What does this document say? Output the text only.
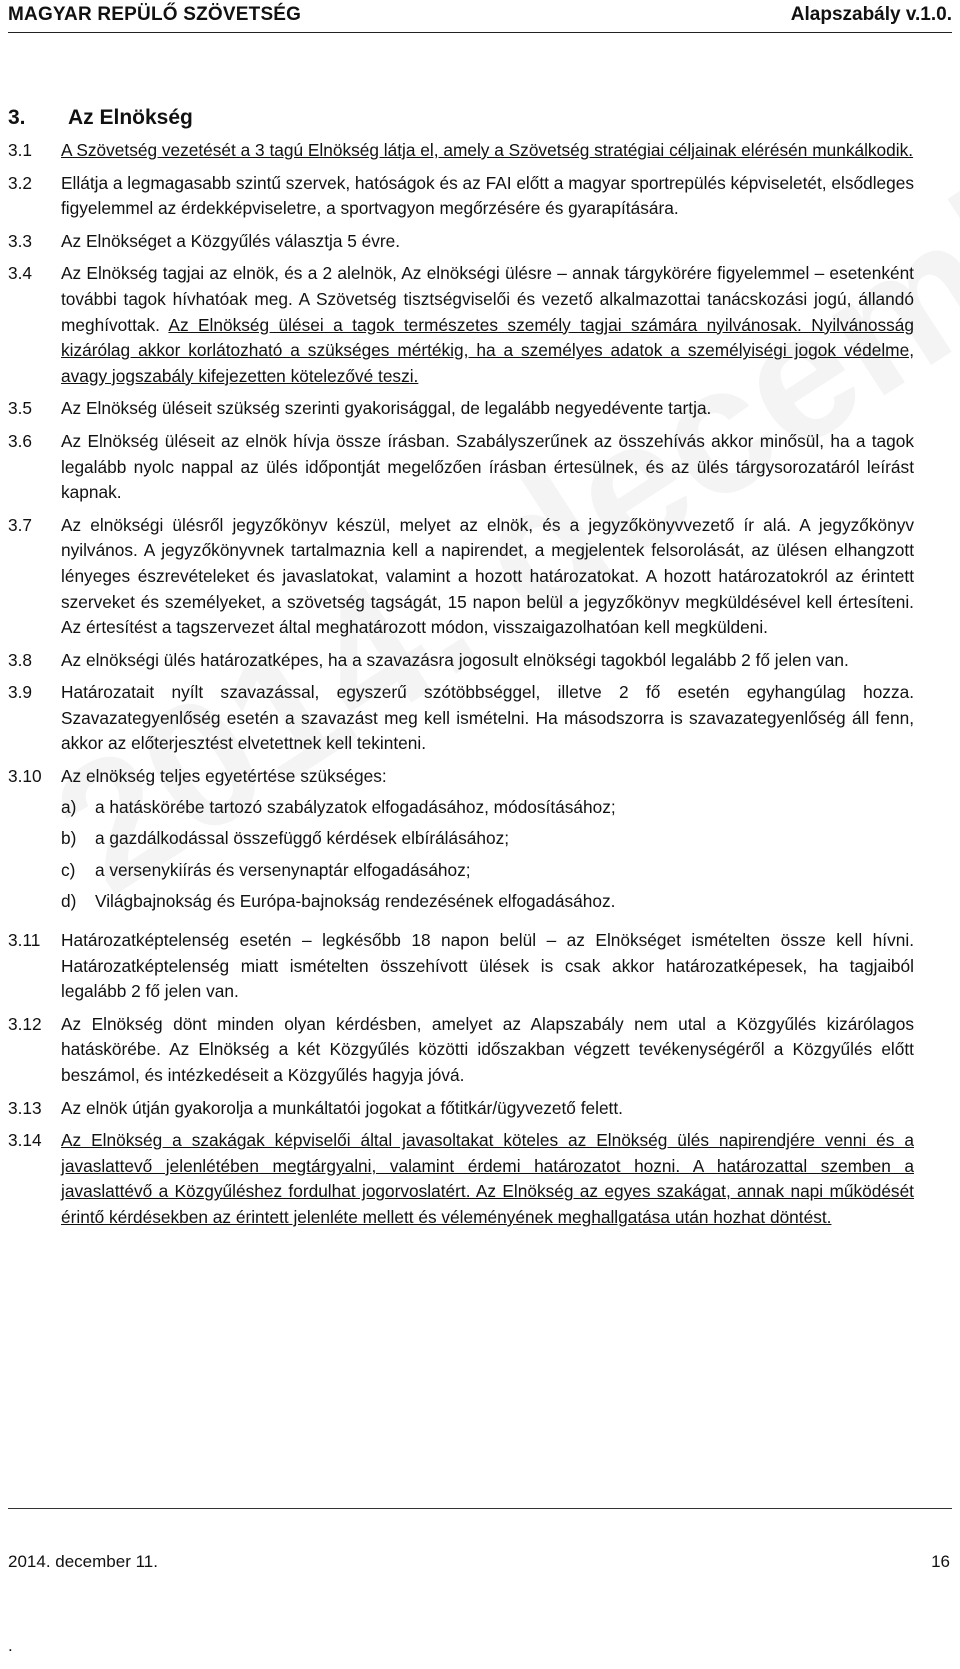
MAGYAR REPÜLŐ SZÖVETSÉG	Alapszabály v.1.0.
3. Az Elnökség
3.1	A Szövetség vezetését a 3 tagú Elnökség látja el, amely a Szövetség stratégiai céljainak elérésén munkálkodik.
3.2	Ellátja a legmagasabb szintű szervek, hatóságok és az FAI előtt a magyar sportrepülés képviseletét, elsődleges figyelemmel az érdekképviseletre, a sportvagyon megőrzésére és gyarapítására.
3.3	Az Elnökséget a Közgyűlés választja 5 évre.
3.4	Az Elnökség tagjai az elnök, és a 2 alelnök, Az elnökségi ülésre – annak tárgykörére figyelemmel – esetenként további tagok hívhatóak meg. A Szövetség tisztségviselői és vezető alkalmazottai tanácskozási jogú, állandó meghívottak. Az Elnökség ülései a tagok természetes személy tagjai számára nyilvánosak. Nyilvánosság kizárólag akkor korlátozható a szükséges mértékig, ha a személyes adatok a személyiségi jogok védelme, avagy jogszabály kifejezetten kötelezővé teszi.
3.5	Az Elnökség üléseit szükség szerinti gyakorisággal, de legalább negyedévente tartja.
3.6	Az Elnökség üléseit az elnök hívja össze írásban. Szabályszerűnek az összehívás akkor minősül, ha a tagok legalább nyolc nappal az ülés időpontját megelőzően írásban értesülnek, és az ülés tárgysorozatáról leírást kapnak.
3.7	Az elnökségi ülésről jegyzőkönyv készül, melyet az elnök, és a jegyzőkönyvvezető ír alá. A jegyzőkönyv nyilvános. A jegyzőkönyvnek tartalmaznia kell a napirendet, a megjelentek felsorolását, az ülésen elhangzott lényeges észrevételeket és javaslatokat, valamint a hozott határozatokat. A hozott határozatokról az érintett szerveket és személyeket, a szövetség tagságát, 15 napon belül a jegyzőkönyv megküldésével kell értesíteni. Az értesítést a tagszervezet által meghatározott módon, visszaigazolhatóan kell megküldeni.
3.8	Az elnökségi ülés határozatképes, ha a szavazásra jogosult elnökségi tagokból legalább 2 fő jelen van.
3.9	Határozatait nyílt szavazással, egyszerű szótöbbséggel, illetve 2 fő esetén egyhangúlag hozza. Szavazategyenlőség esetén a szavazást meg kell ismételni. Ha másodszorra is szavazategyenlőség áll fenn, akkor az előterjesztést elvetettnek kell tekinteni.
3.10	Az elnökség teljes egyetértése szükséges:
a)	a hatáskörébe tartozó szabályzatok elfogadásához, módosításához;
b)	a gazdálkodással összefüggő kérdések elbírálásához;
c)	a versenykiírás és versenynaptár elfogadásához;
d)	Világbajnokság és Európa-bajnokság rendezésének elfogadásához.
3.11	Határozatképtelenség esetén – legkésőbb 18 napon belül – az Elnökséget ismételten össze kell hívni. Határozatképtelenség miatt ismételten összehívott ülések is csak akkor határozatképesek, ha tagjaiból legalább 2 fő jelen van.
3.12	Az Elnökség dönt minden olyan kérdésben, amelyet az Alapszabály nem utal a Közgyűlés kizárólagos hatáskörébe. Az Elnökség a két Közgyűlés közötti időszakban végzett tevékenységéről a Közgyűlés előtt beszámol, és intézkedéseit a Közgyűlés hagyja jóvá.
3.13	Az elnök útján gyakorolja a munkáltatói jogokat a főtitkár/ügyvezető felett.
3.14	Az Elnökség a szakágak képviselői által javasoltakat köteles az Elnökség ülés napirendjére venni és a javaslattevő jelenlétében megtárgyalni, valamint érdemi határozatot hozni. A határozattal szemben a javaslattévő a Közgyűléshez fordulhat jogorvoslatért. Az Elnökség az egyes szakágat, annak napi működését érintő kérdésekben az érintett jelenléte mellett és véleményének meghallgatása után hozhat döntést.
2014. december 11.	16
.
